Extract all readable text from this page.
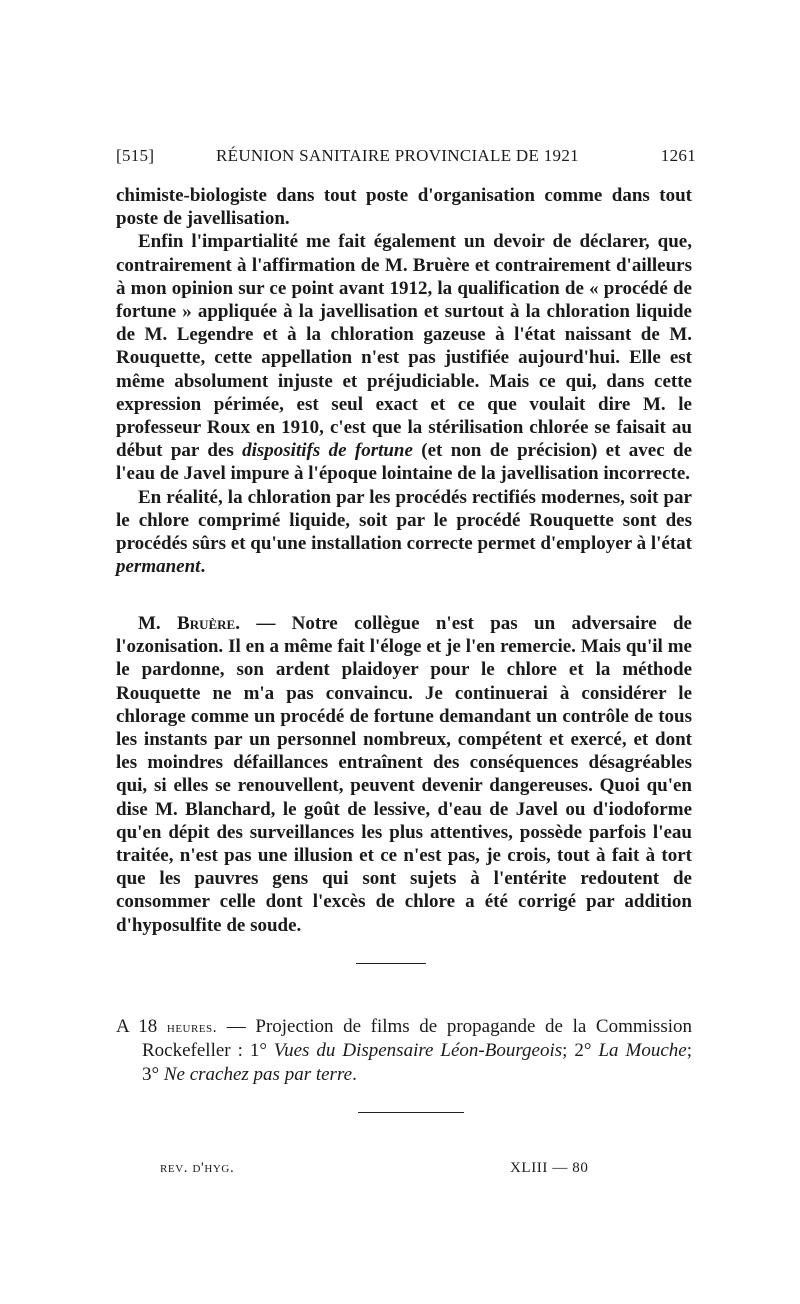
[515]	RÉUNION SANITAIRE PROVINCIALE DE 1921	1261

chimiste-biologiste dans tout poste d'organisation comme dans tout poste de javellisation.

Enfin l'impartialité me fait également un devoir de déclarer, que, contrairement à l'affirmation de M. Bruère et contrairement d'ailleurs à mon opinion sur ce point avant 1912, la qualification de « procédé de fortune » appliquée à la javellisation et surtout à la chloration liquide de M. Legendre et à la chloration gazeuse à l'état naissant de M. Rouquette, cette appellation n'est pas justifiée aujourd'hui. Elle est même absolument injuste et préjudiciable. Mais ce qui, dans cette expression périmée, est seul exact et ce que voulait dire M. le professeur Roux en 1910, c'est que la stérilisation chlorée se faisait au début par des dispositifs de fortune (et non de précision) et avec de l'eau de Javel impure à l'époque lointaine de la javellisation incorrecte.

En réalité, la chloration par les procédés rectifiés modernes, soit par le chlore comprimé liquide, soit par le procédé Rouquette sont des procédés sûrs et qu'une installation correcte permet d'employer à l'état permanent.

M. Bruère. — Notre collègue n'est pas un adversaire de l'ozonisation. Il en a même fait l'éloge et je l'en remercie. Mais qu'il me le pardonne, son ardent plaidoyer pour le chlore et la méthode Rouquette ne m'a pas convaincu. Je continuerai à considérer le chlorage comme un procédé de fortune demandant un contrôle de tous les instants par un personnel nombreux, compétent et exercé, et dont les moindres défaillances entraînent des conséquences désagréables qui, si elles se renouvellent, peuvent devenir dangereuses. Quoi qu'en dise M. Blanchard, le goût de lessive, d'eau de Javel ou d'iodoforme qu'en dépit des surveillances les plus attentives, possède parfois l'eau traitée, n'est pas une illusion et ce n'est pas, je crois, tout à fait à tort que les pauvres gens qui sont sujets à l'entérite redoutent de consommer celle dont l'excès de chlore a été corrigé par addition d'hyposulfite de soude.

A 18 heures. — Projection de films de propagande de la Commission Rockefeller : 1° Vues du Dispensaire Léon-Bourgeois; 2° La Mouche; 3° Ne crachez pas par terre.

rev. d'hyg.	XLIII — 80
